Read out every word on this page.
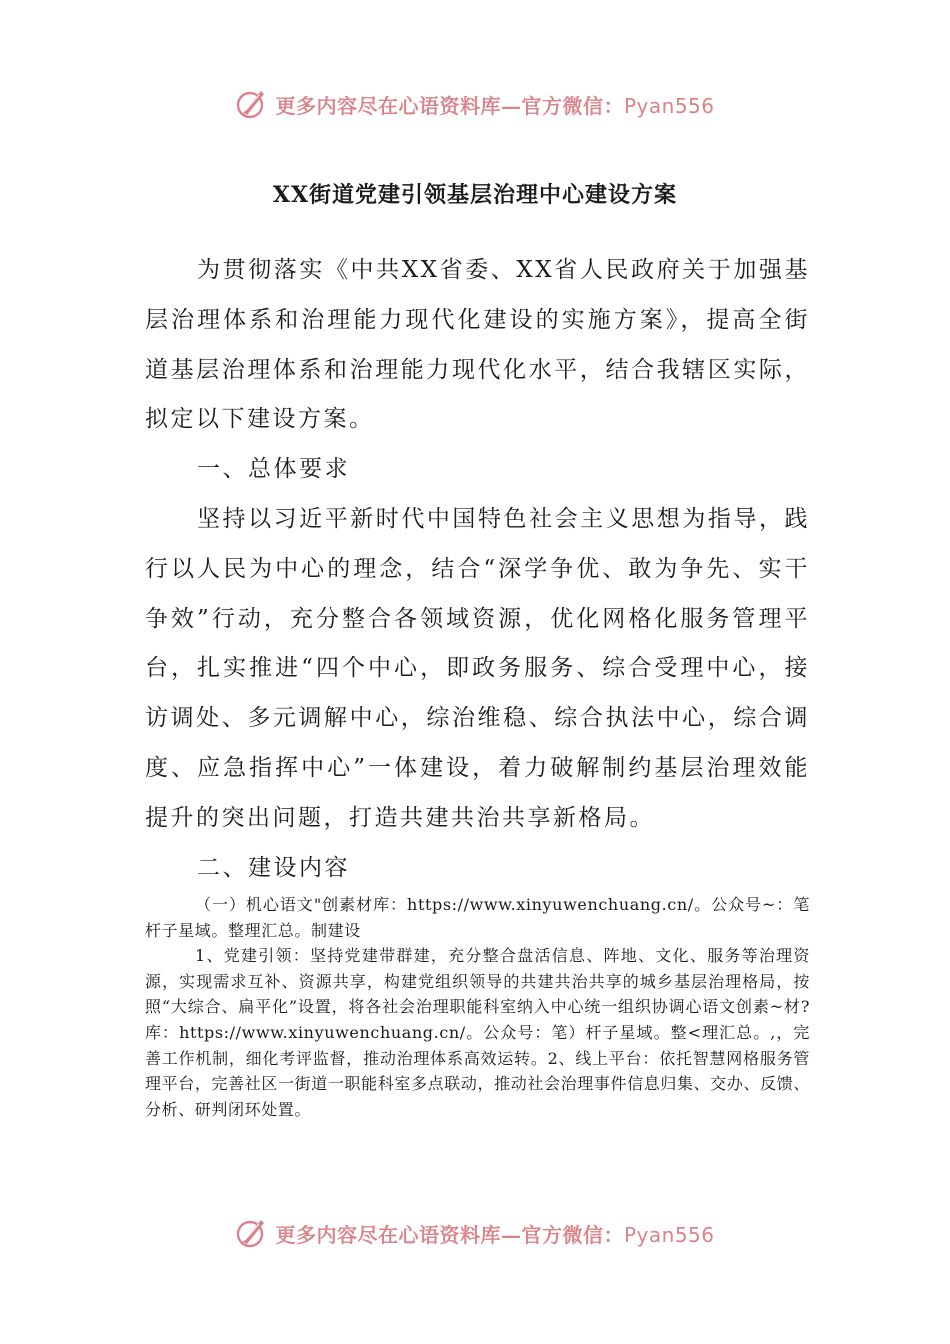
更多内容尽在心语资料库—官方微信：Pyan556
XX街道党建引领基层治理中心建设方案

为贯彻落实《中共XX省委、XX省人民政府关于加强基层治理体系和治理能力现代化建设的实施方案》，提高全街道基层治理体系和治理能力现代化水平，结合我辖区实际，拟定以下建设方案。

一、总体要求

坚持以习近平新时代中国特色社会主义思想为指导，践行以人民为中心的理念，结合“深学争优、敢为争先、实干争效”行动，充分整合各领域资源，优化网格化服务管理平台，扎实推进“四个中心，即政务服务、综合受理中心，接访调处、多元调解中心，综治维稳、综合执法中心，综合调度、应急指挥中心”一体建设，着力破解制约基层治理效能提升的突出问题，打造共建共治共享新格局。

二、建设内容

（一）机心语文"创素材库：https://www.xinyuwenchuang.cn/。公众号~：笔杆子星域。整理汇总。制建设

1、党建引领：坚持党建带群建，充分整合盘活信息、阵地、文化、服务等治理资源，实现需求互补、资源共享，构建党组织领导的共建共治共享的城乡基层治理格局，按照“大综合、扁平化”设置，将各社会治理职能科室纳入中心统一组织协调心语文创素~材?库：https://www.xinyuwenchuang.cn/。公众号：笔）杆子星域。整<理汇总。,，完善工作机制，细化考评监督，推动治理体系高效运转。2、线上平台：依托智慧网格服务管理平台，完善社区一街道一职能科室多点联动，推动社会治理事件信息归集、交办、反馈、分析、研判闭环处置。

更多内容尽在心语资料库—官方微信：Pyan556
